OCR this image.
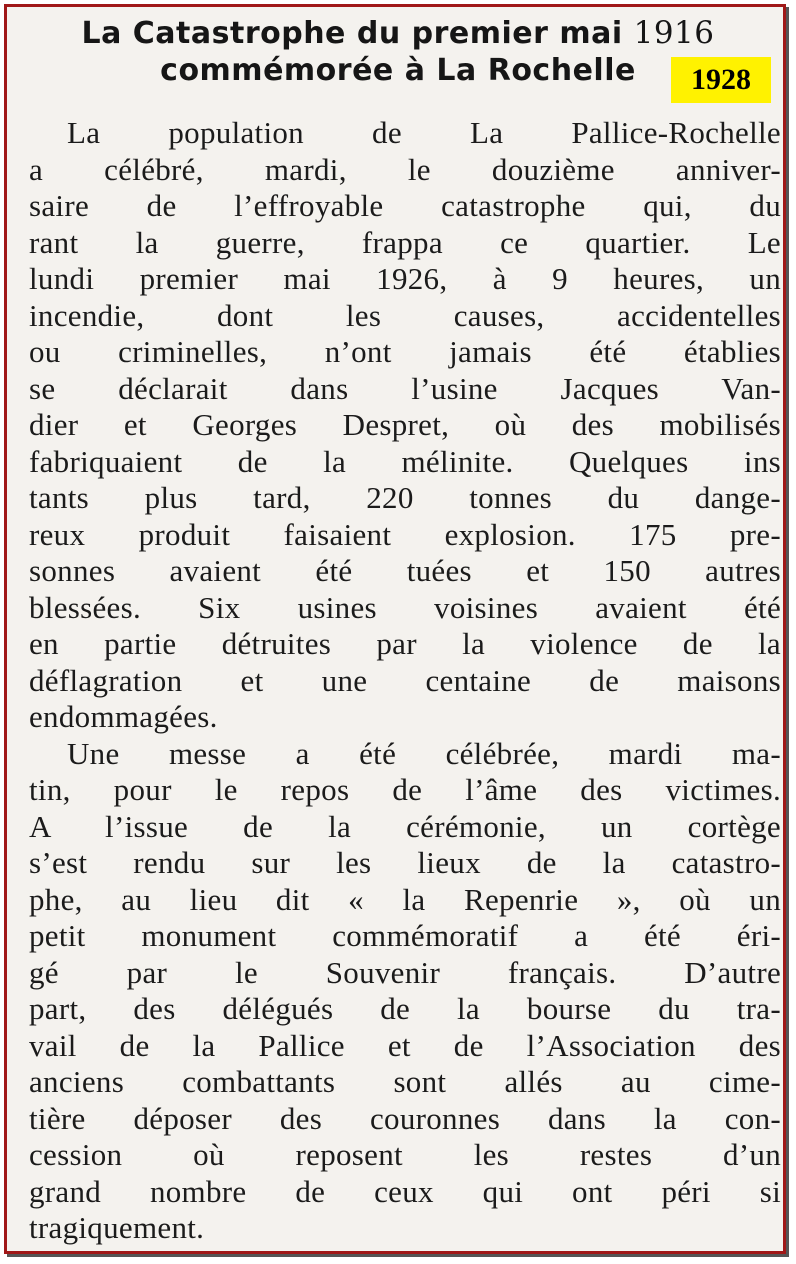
La Catastrophe du premier mai 1916
commémorée à La Rochelle	1928
La population de La Pallice-Rochelle
a célébré, mardi, le douzième anniver-
saire de l’effroyable catastrophe qui, du
rant la guerre, frappa ce quartier. Le
lundi premier mai 1926, à 9 heures, un
incendie, dont les causes, accidentelles
ou criminelles, n’ont jamais été établies
se déclarait dans l’usine Jacques Van-
dier et Georges Despret, où des mobilisés
fabriquaient de la mélinite. Quelques ins
tants plus tard, 220 tonnes du dange-
reux produit faisaient explosion. 175 pre-
sonnes avaient été tuées et 150 autres
blessées. Six usines voisines avaient été
en partie détruites par la violence de la
déflagration et une centaine de maisons
endommagées.
Une messe a été célébrée, mardi ma-
tin, pour le repos de l’âme des victimes.
A l’issue de la cérémonie, un cortège
s’est rendu sur les lieux de la catastro-
phe, au lieu dit « la Repenrie », où un
petit monument commémoratif a été éri-
gé par le Souvenir français. D’autre
part, des délégués de la bourse du tra-
vail de la Pallice et de l’Association des
anciens combattants sont allés au cime-
tière déposer des couronnes dans la con-
cession où reposent les restes d’un
grand nombre de ceux qui ont péri si
tragiquement.
